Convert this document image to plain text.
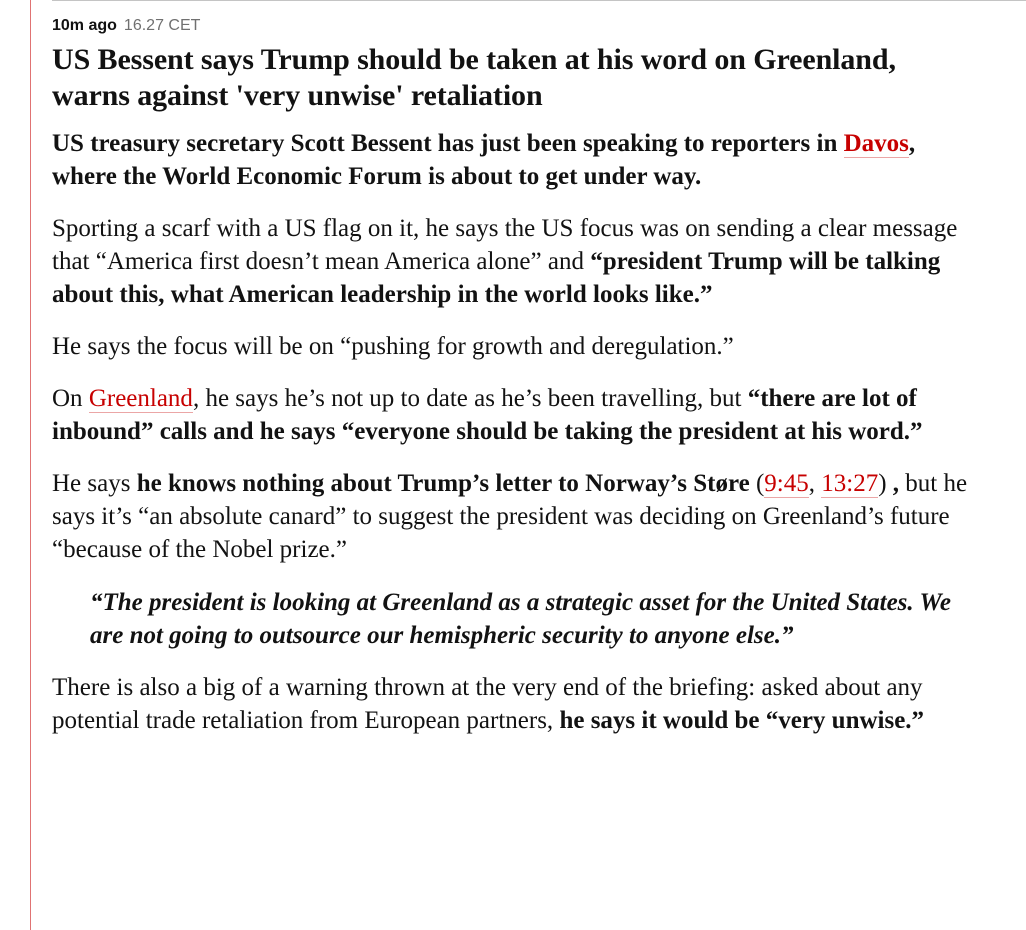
10m ago 16.27 CET

US Bessent says Trump should be taken at his word on Greenland, warns against 'very unwise' retaliation

US treasury secretary Scott Bessent has just been speaking to reporters in Davos, where the World Economic Forum is about to get under way.

Sporting a scarf with a US flag on it, he says the US focus was on sending a clear message that “America first doesn’t mean America alone” and “president Trump will be talking about this, what American leadership in the world looks like.”

He says the focus will be on “pushing for growth and deregulation.”

On Greenland, he says he’s not up to date as he’s been travelling, but “there are lot of inbound” calls and he says “everyone should be taking the president at his word.”

He says he knows nothing about Trump’s letter to Norway’s Støre (9:45, 13:27) , but he says it’s “an absolute canard” to suggest the president was deciding on Greenland’s future “because of the Nobel prize.”

“The president is looking at Greenland as a strategic asset for the United States. We are not going to outsource our hemispheric security to anyone else.”

There is also a big of a warning thrown at the very end of the briefing: asked about any potential trade retaliation from European partners, he says it would be “very unwise.”
